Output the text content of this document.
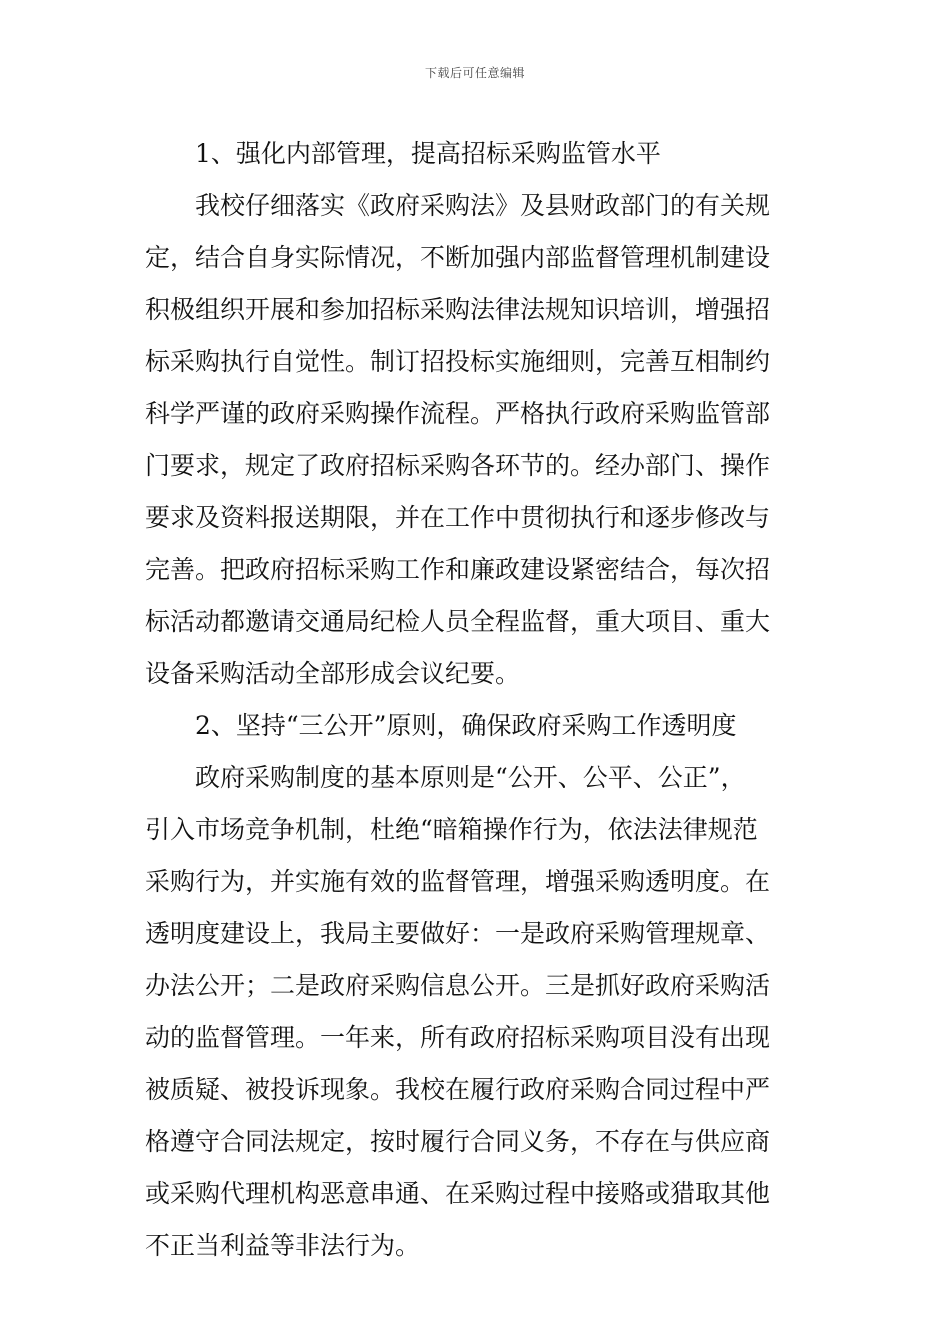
下载后可任意编辑
1、强化内部管理，提高招标采购监管水平
我校仔细落实《政府采购法》及县财政部门的有关规
定，结合自身实际情况，不断加强内部监督管理机制建设
积极组织开展和参加招标采购法律法规知识培训，增强招
标采购执行自觉性。制订招投标实施细则，完善互相制约
科学严谨的政府采购操作流程。严格执行政府采购监管部
门要求，规定了政府招标采购各环节的。经办部门、操作
要求及资料报送期限，并在工作中贯彻执行和逐步修改与
完善。把政府招标采购工作和廉政建设紧密结合，每次招
标活动都邀请交通局纪检人员全程监督，重大项目、重大
设备采购活动全部形成会议纪要。
2、坚持“三公开”原则，确保政府采购工作透明度
政府采购制度的基本原则是“公开、公平、公正”，
引入市场竞争机制，杜绝“暗箱操作行为，依法法律规范
采购行为，并实施有效的监督管理，增强采购透明度。在
透明度建设上，我局主要做好：一是政府采购管理规章、
办法公开；二是政府采购信息公开。三是抓好政府采购活
动的监督管理。一年来，所有政府招标采购项目没有出现
被质疑、被投诉现象。我校在履行政府采购合同过程中严
格遵守合同法规定，按时履行合同义务，不存在与供应商
或采购代理机构恶意串通、在采购过程中接赂或猎取其他
不正当利益等非法行为。
